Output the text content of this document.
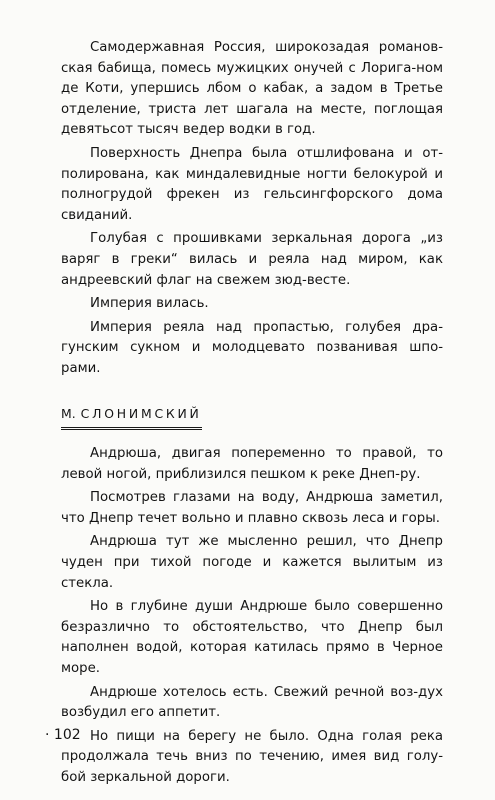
Самодержавная Россия, широкозадая романов-ская бабища, помесь мужицких онучей с Лорига-ном де Коти, упершись лбом о кабак, а задом в Третье отделение, триста лет шагала на месте, поглощая девятьсот тысяч ведер водки в год.

Поверхность Днепра была отшлифована и от-полирована, как миндалевидные ногти белокурой и полногрудой фрекен из гельсингфорского дома свиданий.

Голубая с прошивками зеркальная дорога „из варяг в греки“ вилась и реяла над миром, как андреевский флаг на свежем зюд-весте.

Империя вилась.

Империя реяла над пропастью, голубея дра-гунским сукном и молодцевато позванивая шпо-рами.

М. СЛОНИМСКИЙ

Андрюша, двигая попеременно то правой, то левой ногой, приблизился пешком к реке Днеп-ру.

Посмотрев глазами на воду, Андрюша заметил, что Днепр течет вольно и плавно сквозь леса и горы.

Андрюша тут же мысленно решил, что Днепр чуден при тихой погоде и кажется вылитым из стекла.

Но в глубине души Андрюше было совершенно безразлично то обстоятельство, что Днепр был наполнен водой, которая катилась прямо в Черное море.

Андрюше хотелось есть. Свежий речной воз-дух возбудил его аппетит.

Но пищи на берегу не было. Одна голая река продолжала течь вниз по течению, имея вид голу-бой зеркальной дороги.

· 102
